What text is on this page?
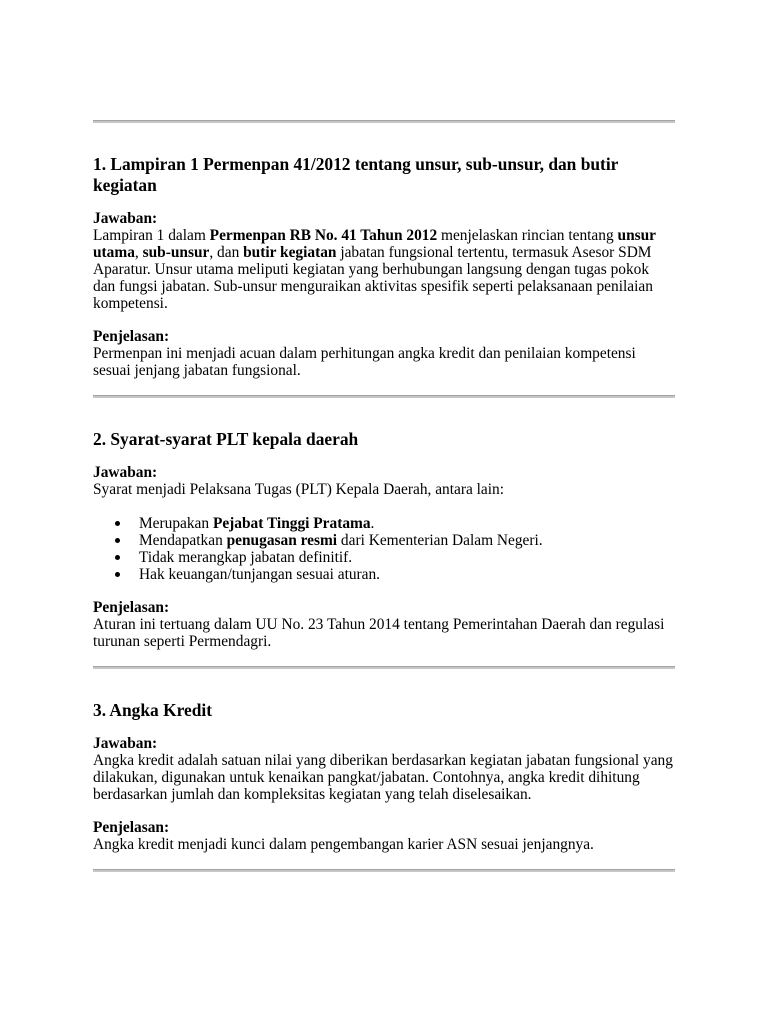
1. Lampiran 1 Permenpan 41/2012 tentang unsur, sub-unsur, dan butir kegiatan

Jawaban:
Lampiran 1 dalam Permenpan RB No. 41 Tahun 2012 menjelaskan rincian tentang unsur utama, sub-unsur, dan butir kegiatan jabatan fungsional tertentu, termasuk Asesor SDM Aparatur. Unsur utama meliputi kegiatan yang berhubungan langsung dengan tugas pokok dan fungsi jabatan. Sub-unsur menguraikan aktivitas spesifik seperti pelaksanaan penilaian kompetensi.

Penjelasan:
Permenpan ini menjadi acuan dalam perhitungan angka kredit dan penilaian kompetensi sesuai jenjang jabatan fungsional.

2. Syarat-syarat PLT kepala daerah

Jawaban:
Syarat menjadi Pelaksana Tugas (PLT) Kepala Daerah, antara lain:

Merupakan Pejabat Tinggi Pratama.
Mendapatkan penugasan resmi dari Kementerian Dalam Negeri.
Tidak merangkap jabatan definitif.
Hak keuangan/tunjangan sesuai aturan.

Penjelasan:
Aturan ini tertuang dalam UU No. 23 Tahun 2014 tentang Pemerintahan Daerah dan regulasi turunan seperti Permendagri.

3. Angka Kredit

Jawaban:
Angka kredit adalah satuan nilai yang diberikan berdasarkan kegiatan jabatan fungsional yang dilakukan, digunakan untuk kenaikan pangkat/jabatan. Contohnya, angka kredit dihitung berdasarkan jumlah dan kompleksitas kegiatan yang telah diselesaikan.

Penjelasan:
Angka kredit menjadi kunci dalam pengembangan karier ASN sesuai jenjangnya.
